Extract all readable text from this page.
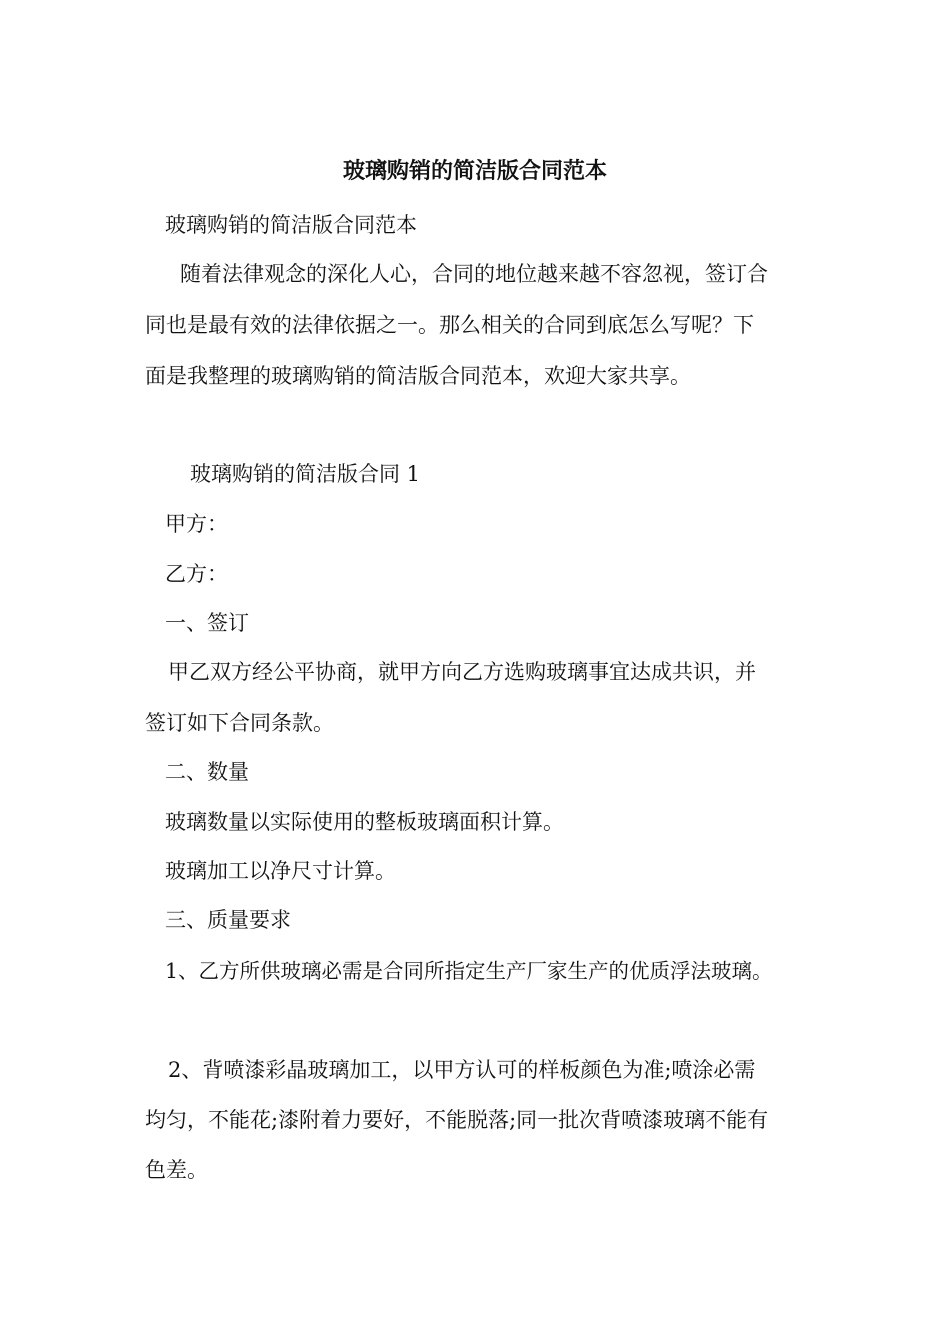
玻璃购销的简洁版合同范本
玻璃购销的简洁版合同范本
随着法律观念的深化人心，合同的地位越来越不容忽视，签订合
同也是最有效的法律依据之一。那么相关的合同到底怎么写呢？下
面是我整理的玻璃购销的简洁版合同范本，欢迎大家共享。
玻璃购销的简洁版合同 1
甲方：
乙方：
一、签订
甲乙双方经公平协商，就甲方向乙方选购玻璃事宜达成共识，并
签订如下合同条款。
二、数量
玻璃数量以实际使用的整板玻璃面积计算。
玻璃加工以净尺寸计算。
三、质量要求
1、乙方所供玻璃必需是合同所指定生产厂家生产的优质浮法玻璃。
2、背喷漆彩晶玻璃加工，以甲方认可的样板颜色为准;喷涂必需
均匀，不能花;漆附着力要好，不能脱落;同一批次背喷漆玻璃不能有
色差。
